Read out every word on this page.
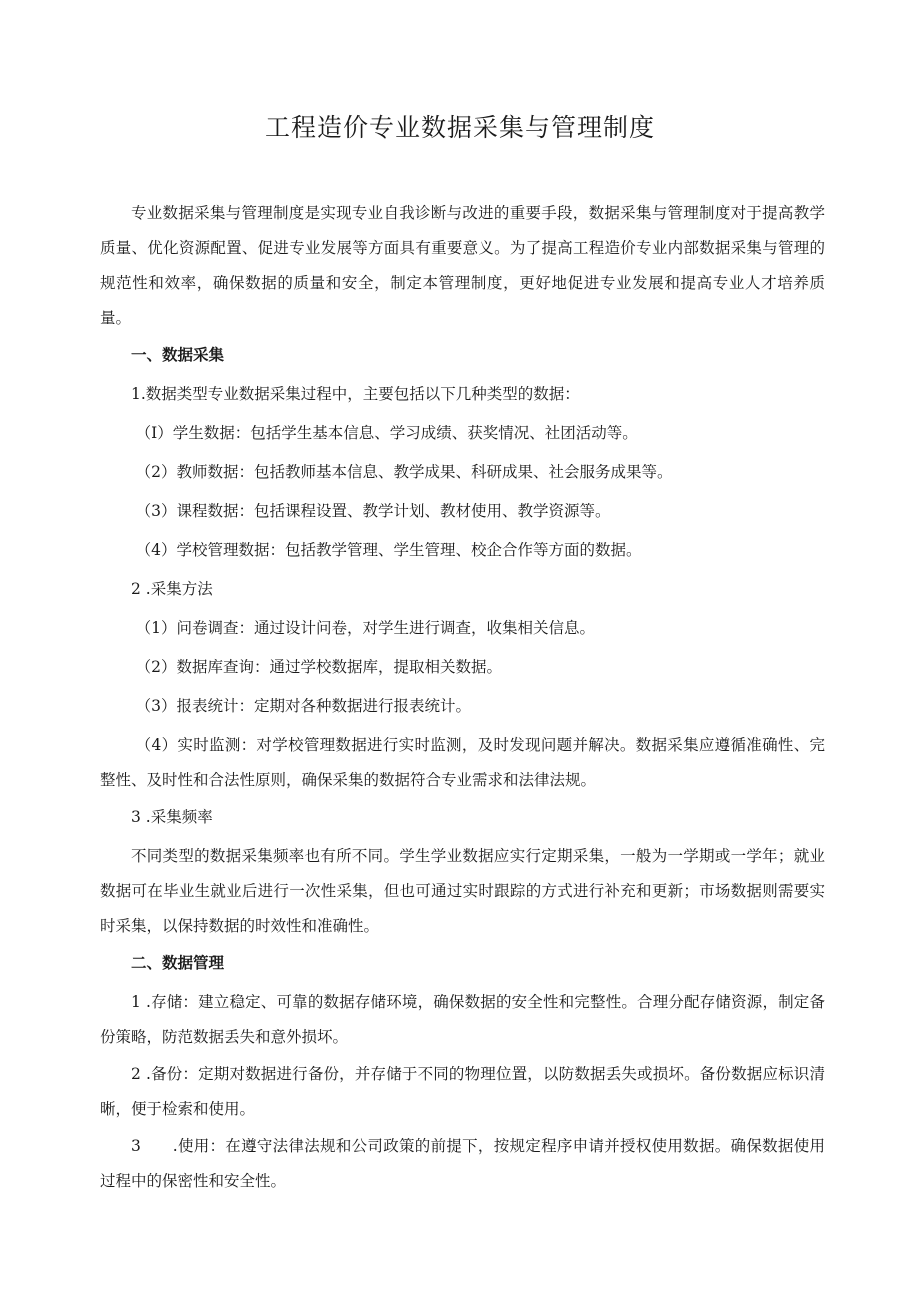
工程造价专业数据采集与管理制度

专业数据采集与管理制度是实现专业自我诊断与改进的重要手段，数据采集与管理制度对于提高教学质量、优化资源配置、促进专业发展等方面具有重要意义。为了提高工程造价专业内部数据采集与管理的规范性和效率，确保数据的质量和安全，制定本管理制度，更好地促进专业发展和提高专业人才培养质量。

一、数据采集

1.数据类型专业数据采集过程中，主要包括以下几种类型的数据：

（I）学生数据：包括学生基本信息、学习成绩、获奖情况、社团活动等。

（2）教师数据：包括教师基本信息、教学成果、科研成果、社会服务成果等。

（3）课程数据：包括课程设置、教学计划、教材使用、教学资源等。

（4）学校管理数据：包括教学管理、学生管理、校企合作等方面的数据。

2 .采集方法

（1）问卷调查：通过设计问卷，对学生进行调查，收集相关信息。

（2）数据库查询：通过学校数据库，提取相关数据。

（3）报表统计：定期对各种数据进行报表统计。

（4）实时监测：对学校管理数据进行实时监测，及时发现问题并解决。数据采集应遵循准确性、完整性、及时性和合法性原则，确保采集的数据符合专业需求和法律法规。

3 .采集频率

不同类型的数据采集频率也有所不同。学生学业数据应实行定期采集，一般为一学期或一学年；就业数据可在毕业生就业后进行一次性采集，但也可通过实时跟踪的方式进行补充和更新；市场数据则需要实时采集，以保持数据的时效性和准确性。

二、数据管理

1 .存储：建立稳定、可靠的数据存储环境，确保数据的安全性和完整性。合理分配存储资源，制定备份策略，防范数据丢失和意外损坏。

2 .备份：定期对数据进行备份，并存储于不同的物理位置，以防数据丢失或损坏。备份数据应标识清晰，便于检索和使用。

3　　.使用：在遵守法律法规和公司政策的前提下，按规定程序申请并授权使用数据。确保数据使用过程中的保密性和安全性。
